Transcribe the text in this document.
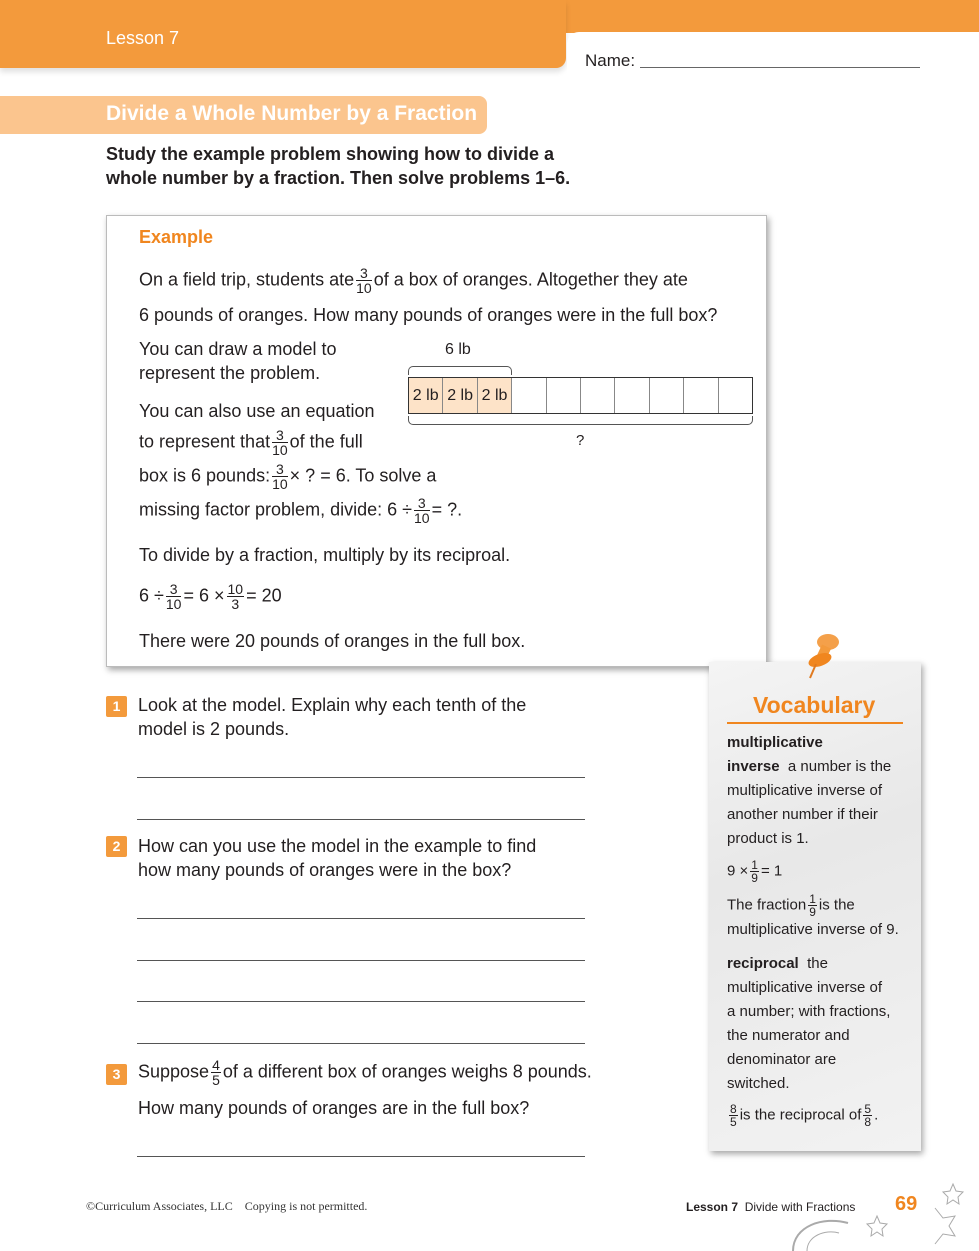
Lesson 7
Name:
Divide a Whole Number by a Fraction
Study the example problem showing how to divide a
whole number by a fraction. Then solve problems 1–6.
Example
On a field trip, students ate $\frac{3}{10}$ of a box of oranges. Altogether they ate
6 pounds of oranges. How many pounds of oranges were in the full box?
You can draw a model to
represent the problem.
You can also use an equation
to represent that $\frac{3}{10}$ of the full
box is 6 pounds: $\frac{3}{10}$ × ? = 6. To solve a
missing factor problem, divide: $6 \div \frac{3}{10}$ = ?.
To divide by a fraction, multiply by its reciproal.
$6 \div \frac{3}{10} = 6 \times \frac{10}{3} = 20$
There were 20 pounds of oranges in the full box.
6 lb
2 lb 2 lb 2 lb
?
1 Look at the model. Explain why each tenth of the
model is 2 pounds.
2 How can you use the model in the example to find
how many pounds of oranges were in the box?
3 Suppose $\frac{4}{5}$ of a different box of oranges weighs 8 pounds.
How many pounds of oranges are in the full box?
Vocabulary
multiplicative
inverse a number is the
multiplicative inverse of
another number if their
product is 1.
$9 \times \frac{1}{9} = 1$
The fraction $\frac{1}{9}$ is the
multiplicative inverse of 9.
reciprocal the
multiplicative inverse of
a number; with fractions,
the numerator and
denominator are
switched.
$\frac{8}{5}$ is the reciprocal of $\frac{5}{8}$ .
©Curriculum Associates, LLC    Copying is not permitted.	Lesson 7 Divide with Fractions 69
